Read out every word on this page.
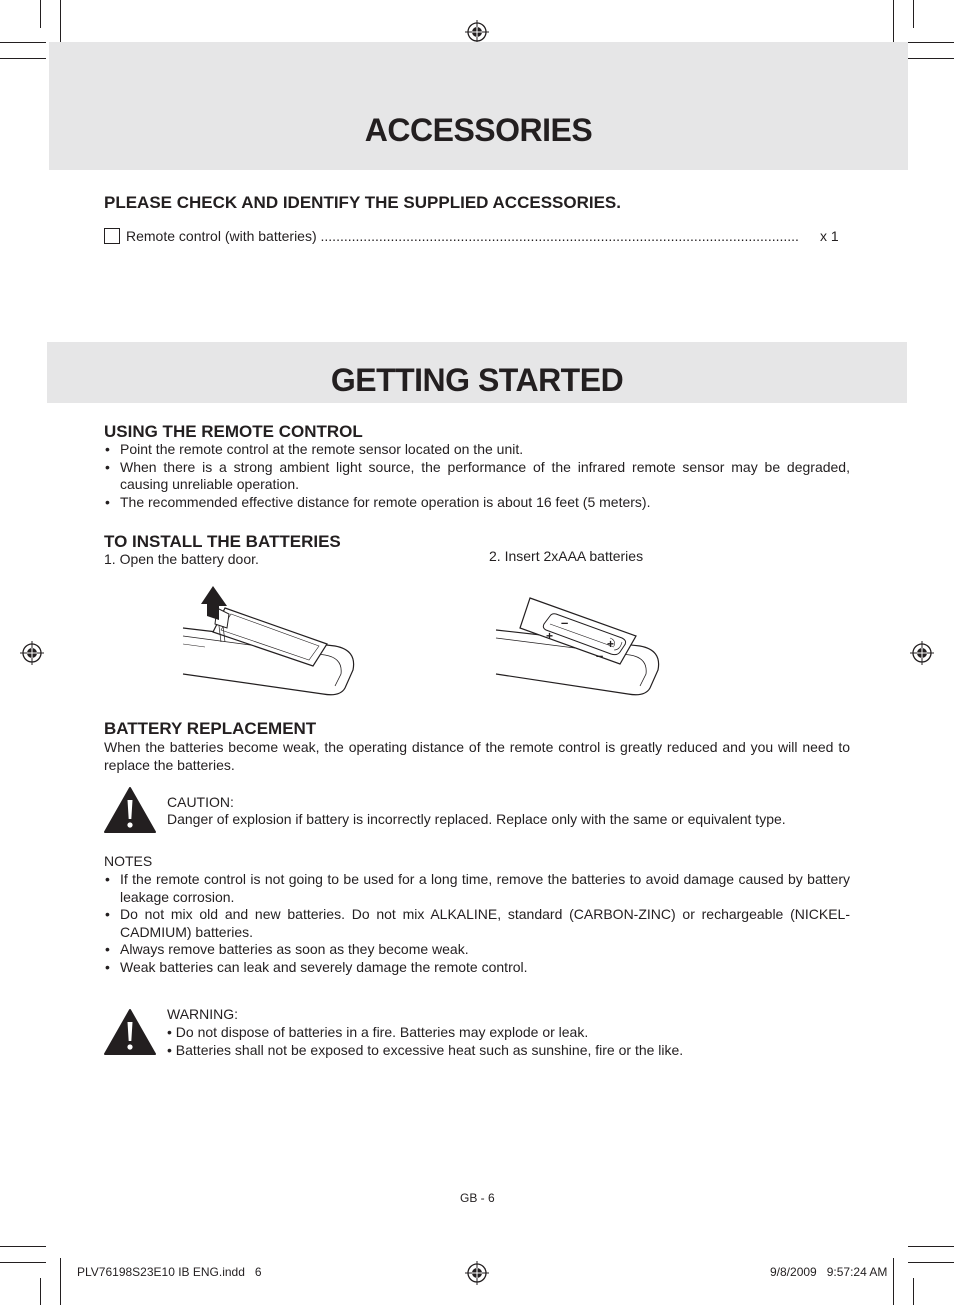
ACCESSORIES
PLEASE CHECK AND IDENTIFY THE SUPPLIED ACCESSORIES.
Remote control (with batteries) ...........................................................................................................................	x 1
GETTING STARTED
USING THE REMOTE CONTROL
• Point the remote control at the remote sensor located on the unit.
• When there is a strong ambient light source, the performance of the infrared remote sensor may be degraded, causing unreliable operation.
• The recommended effective distance for remote operation is about 16 feet (5 meters).
TO INSTALL THE BATTERIES
1. Open the battery door.	2. Insert 2xAAA batteries
–
+
+
–
BATTERY REPLACEMENT
When the batteries become weak, the operating distance of the remote control is greatly reduced and you will need to replace the batteries.
CAUTION:
Danger of explosion if battery is incorrectly replaced. Replace only with the same or equivalent type.
NOTES
• If the remote control is not going to be used for a long time, remove the batteries to avoid damage caused by battery leakage corrosion.
• Do not mix old and new batteries. Do not mix ALKALINE, standard (CARBON-ZINC) or rechargeable (NICKEL-CADMIUM) batteries.
• Always remove batteries as soon as they become weak.
• Weak batteries can leak and severely damage the remote control.
WARNING:
• Do not dispose of batteries in a fire. Batteries may explode or leak.
• Batteries shall not be exposed to excessive heat such as sunshine, fire or the like.
GB - 6
PLV76198S23E10 IB ENG.indd   6	9/8/2009   9:57:24 AM
